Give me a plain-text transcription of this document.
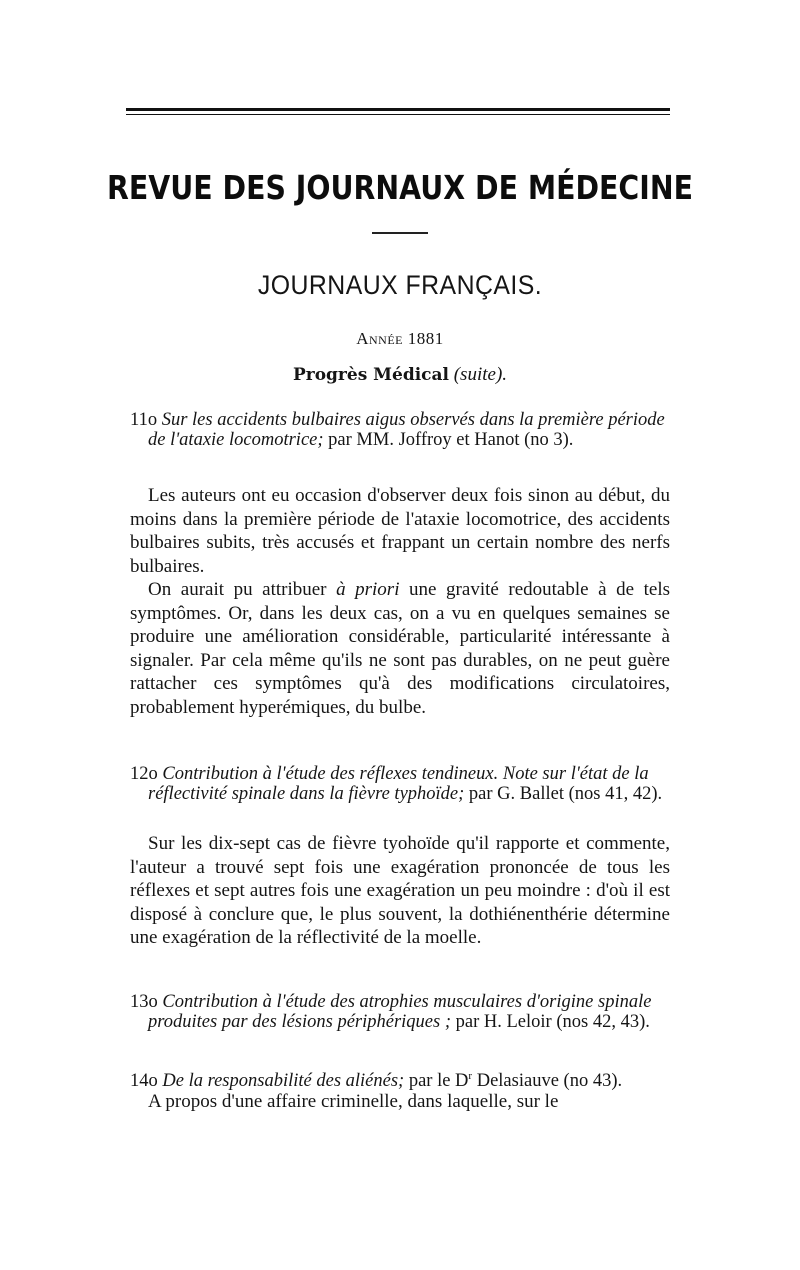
REVUE DES JOURNAUX DE MÉDECINE
JOURNAUX FRANÇAIS.
Année 1881
Progrès Médical (suite).
11o Sur les accidents bulbaires aigus observés dans la première période de l'ataxie locomotrice; par MM. Joffroy et Hanot (no 3).
Les auteurs ont eu occasion d'observer deux fois sinon au début, du moins dans la première période de l'ataxie locomotrice, des accidents bulbaires subits, très accusés et frappant un certain nombre des nerfs bulbaires.
On aurait pu attribuer à priori une gravité redoutable à de tels symptômes. Or, dans les deux cas, on a vu en quelques semaines se produire une amélioration considérable, particularité intéressante à signaler. Par cela même qu'ils ne sont pas durables, on ne peut guère rattacher ces symptômes qu'à des modifications circulatoires, probablement hyperémiques, du bulbe.
12o Contribution à l'étude des réflexes tendineux. Note sur l'état de la réflectivité spinale dans la fièvre typhoïde; par G. Ballet (nos 41, 42).
Sur les dix-sept cas de fièvre tyohoïde qu'il rapporte et commente, l'auteur a trouvé sept fois une exagération prononcée de tous les réflexes et sept autres fois une exagération un peu moindre : d'où il est disposé à conclure que, le plus souvent, la dothiénenthérie détermine une exagération de la réflectivité de la moelle.
13o Contribution à l'étude des atrophies musculaires d'origine spinale produites par des lésions périphériques ; par H. Leloir (nos 42, 43).
14o De la responsabilité des aliénés; par le $D^r$ Delasiauve (no 43).
A propos d'une affaire criminelle, dans laquelle, sur le
